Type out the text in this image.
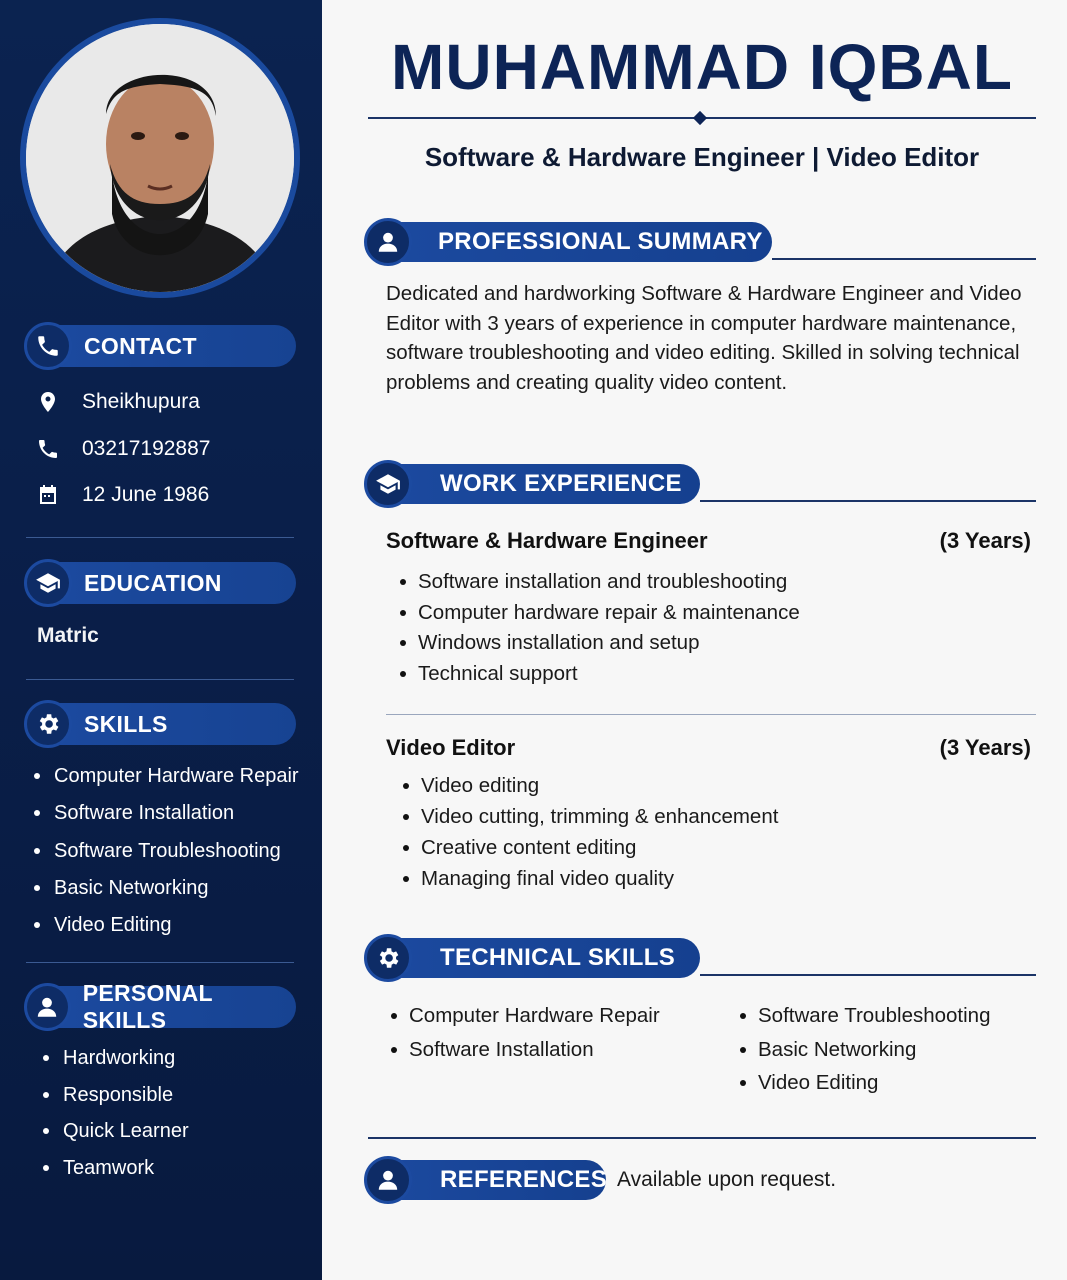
CONTACT
Sheikhupura
03217192887
12 June 1986
EDUCATION
Matric
SKILLS
Computer Hardware Repair
Software Installation
Software Troubleshooting
Basic Networking
Video Editing
PERSONAL SKILLS
Hardworking
Responsible
Quick Learner
Teamwork
MUHAMMAD IQBAL
Software & Hardware Engineer | Video Editor
PROFESSIONAL SUMMARY

Dedicated and hardworking Software & Hardware Engineer and Video Editor with 3 years of experience in computer hardware maintenance, software troubleshooting and video editing. Skilled in solving technical problems and creating quality video content.

WORK EXPERIENCE
Software & Hardware Engineer	(3 Years)
Software installation and troubleshooting
Computer hardware repair & maintenance
Windows installation and setup
Technical support
Video Editor	(3 Years)
Video editing
Video cutting, trimming & enhancement
Creative content editing
Managing final video quality
TECHNICAL SKILLS
Computer Hardware Repair
Software Installation
Software Troubleshooting
Basic Networking
Video Editing
REFERENCES Available upon request.
